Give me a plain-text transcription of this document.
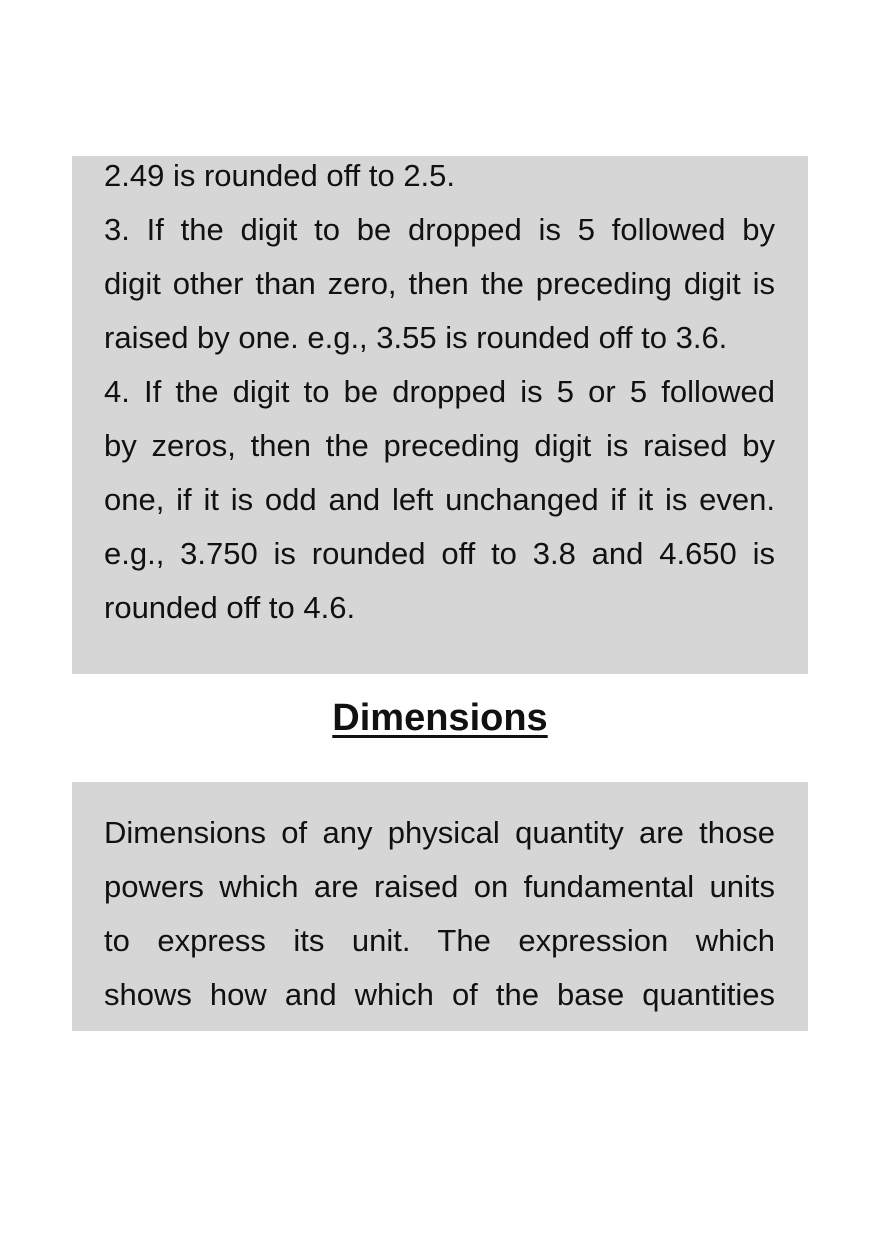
2.49 is rounded off to 2.5.
3. If the digit to be dropped is 5 followed by
digit other than zero, then the preceding digit is
raised by one. e.g., 3.55 is rounded off to 3.6.
4. If the digit to be dropped is 5 or 5 followed
by zeros, then the preceding digit is raised by
one, if it is odd and left unchanged if it is even.
e.g., 3.750 is rounded off to 3.8 and 4.650 is
rounded off to 4.6.
Dimensions
Dimensions of any physical quantity are those
powers which are raised on fundamental units
to express its unit. The expression which
shows how and which of the base quantities
